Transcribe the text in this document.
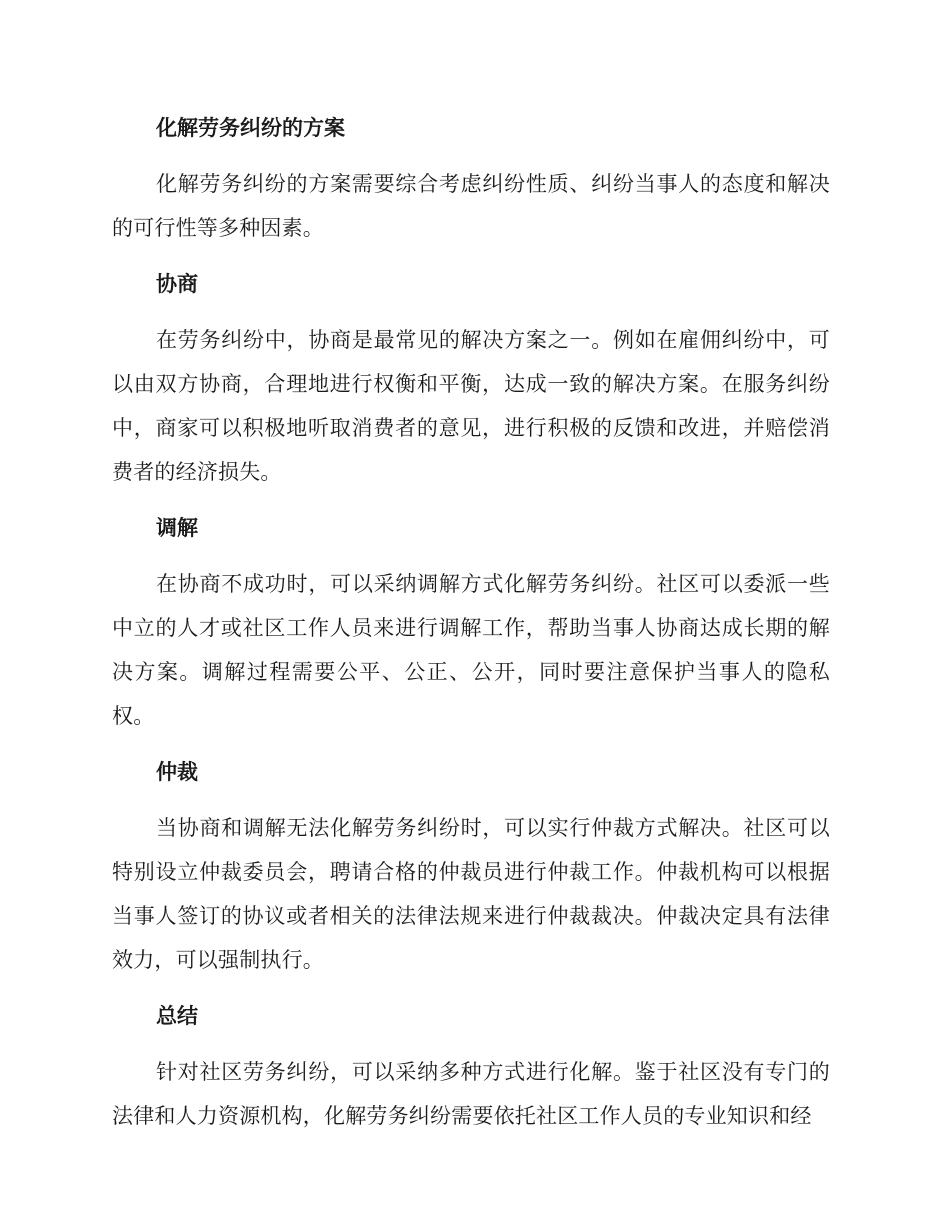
化解劳务纠纷的方案

化解劳务纠纷的方案需要综合考虑纠纷性质、纠纷当事人的态度和解决的可行性等多种因素。

协商

在劳务纠纷中，协商是最常见的解决方案之一。例如在雇佣纠纷中，可以由双方协商，合理地进行权衡和平衡，达成一致的解决方案。在服务纠纷中，商家可以积极地听取消费者的意见，进行积极的反馈和改进，并赔偿消费者的经济损失。

调解

在协商不成功时，可以采纳调解方式化解劳务纠纷。社区可以委派一些中立的人才或社区工作人员来进行调解工作，帮助当事人协商达成长期的解决方案。调解过程需要公平、公正、公开，同时要注意保护当事人的隐私权。

仲裁

当协商和调解无法化解劳务纠纷时，可以实行仲裁方式解决。社区可以特别设立仲裁委员会，聘请合格的仲裁员进行仲裁工作。仲裁机构可以根据当事人签订的协议或者相关的法律法规来进行仲裁裁决。仲裁决定具有法律效力，可以强制执行。

总结

针对社区劳务纠纷，可以采纳多种方式进行化解。鉴于社区没有专门的法律和人力资源机构，化解劳务纠纷需要依托社区工作人员的专业知识和经
